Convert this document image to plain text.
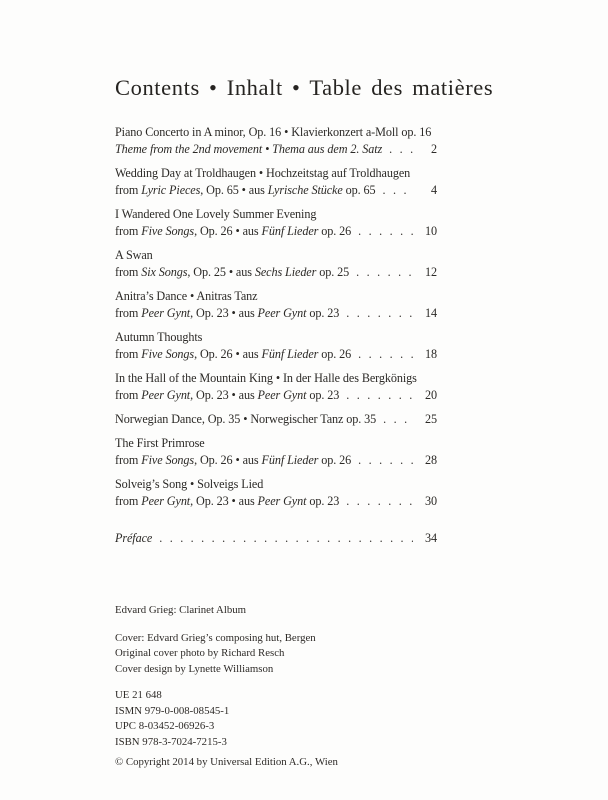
Contents • Inhalt • Table des matières
Piano Concerto in A minor, Op. 16 • Klavierkonzert a-Moll op. 16
Theme from the 2nd movement • Thema aus dem 2. Satz . . .	2
Wedding Day at Troldhaugen • Hochzeitstag auf Troldhaugen
from Lyric Pieces, Op. 65 • aus Lyrische Stücke op. 65 . . .	4
I Wandered One Lovely Summer Evening
from Five Songs, Op. 26 • aus Fünf Lieder op. 26 . . .	10
A Swan
from Six Songs, Op. 25 • aus Sechs Lieder op. 25 . . .	12
Anitra’s Dance • Anitras Tanz
from Peer Gynt, Op. 23 • aus Peer Gynt op. 23 . . .	14
Autumn Thoughts
from Five Songs, Op. 26 • aus Fünf Lieder op. 26 . . .	18
In the Hall of the Mountain King • In der Halle des Bergkönigs
from Peer Gynt, Op. 23 • aus Peer Gynt op. 23 . . .	20
Norwegian Dance, Op. 35 • Norwegischer Tanz op. 35 . . .	25
The First Primrose
from Five Songs, Op. 26 • aus Fünf Lieder op. 26 . . .	28
Solveig’s Song • Solveigs Lied
from Peer Gynt, Op. 23 • aus Peer Gynt op. 23 . . .	30
Préface . . .	34
Edvard Grieg: Clarinet Album
Cover: Edvard Grieg’s composing hut, Bergen
Original cover photo by Richard Resch
Cover design by Lynette Williamson
UE 21 648
ISMN 979-0-008-08545-1
UPC 8-03452-06926-3
ISBN 978-3-7024-7215-3
© Copyright 2014 by Universal Edition A.G., Wien
